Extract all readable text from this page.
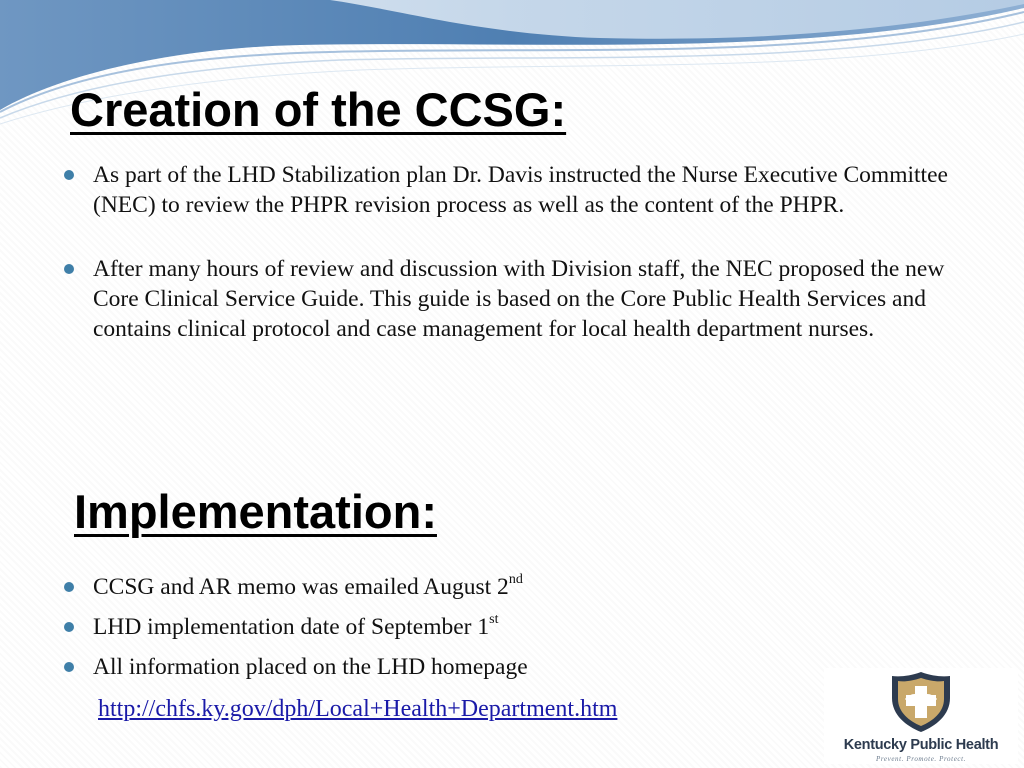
Creation of the CCSG:
As part of the LHD Stabilization plan Dr. Davis instructed the Nurse Executive Committee (NEC) to review the PHPR revision process as well as the content of the PHPR.
After many hours of review and discussion with Division staff, the NEC proposed the new Core Clinical Service Guide. This guide is based on the Core Public Health Services and contains clinical protocol and case management for local health department nurses.
Implementation:
CCSG and AR memo was emailed August 2nd
LHD implementation date of September 1st
All information placed on the LHD homepage
http://chfs.ky.gov/dph/Local+Health+Department.htm
Kentucky Public Health
Prevent. Promote. Protect.
